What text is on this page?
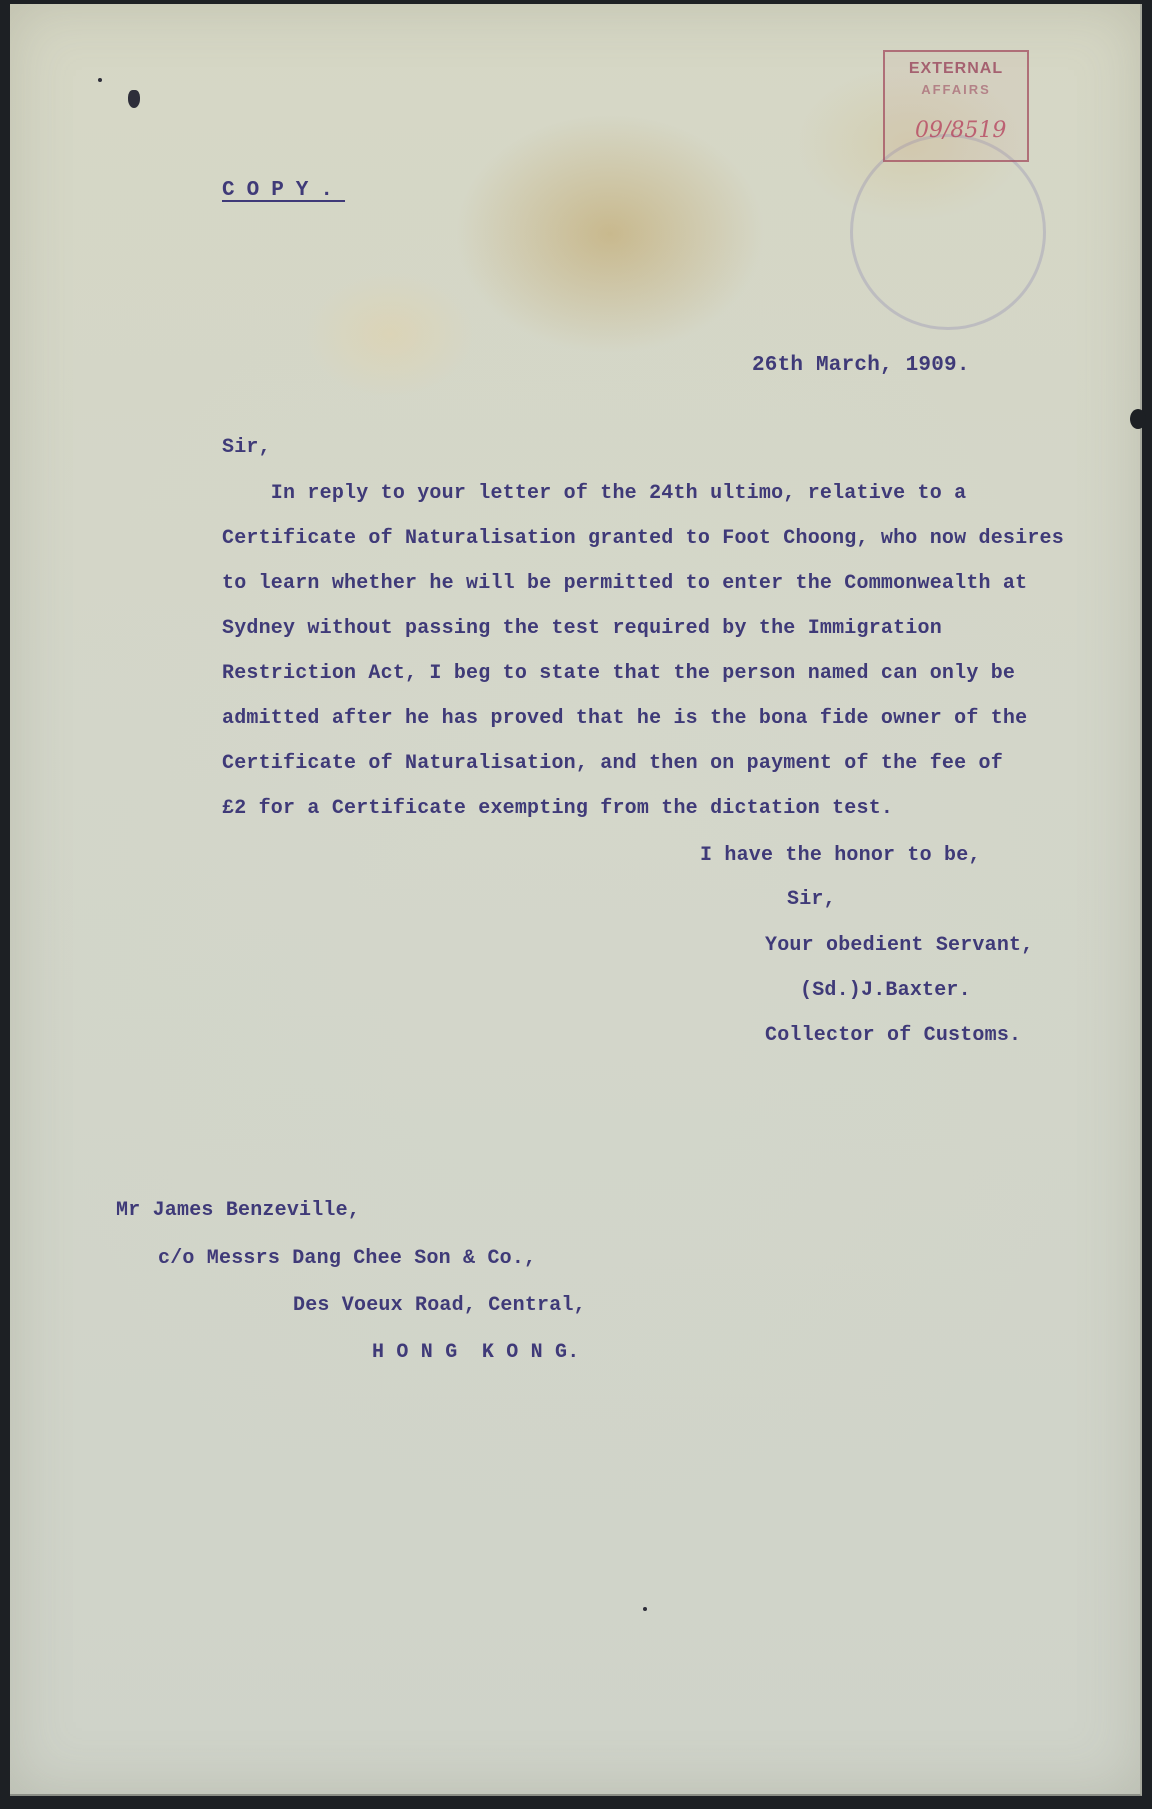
EXTERNAL
AFFAIRS
09/8519

COPY.

26th March, 1909.

Sir,

In reply to your letter of the 24th ultimo, relative to a

Certificate of Naturalisation granted to Foot Choong, who now desires

to learn whether he will be permitted to enter the Commonwealth at

Sydney without passing the test required by the Immigration

Restriction Act, I beg to state that the person named can only be

admitted after he has proved that he is the bona fide owner of the

Certificate of Naturalisation, and then on payment of the fee of

£2 for a Certificate exempting from the dictation test.

I have the honor to be,

Sir,

Your obedient Servant,

(Sd.)J.Baxter.

Collector of Customs.

Mr James Benzeville,

c/o Messrs Dang Chee Son & Co.,

Des Voeux Road, Central,

H O N G  K O N G.
